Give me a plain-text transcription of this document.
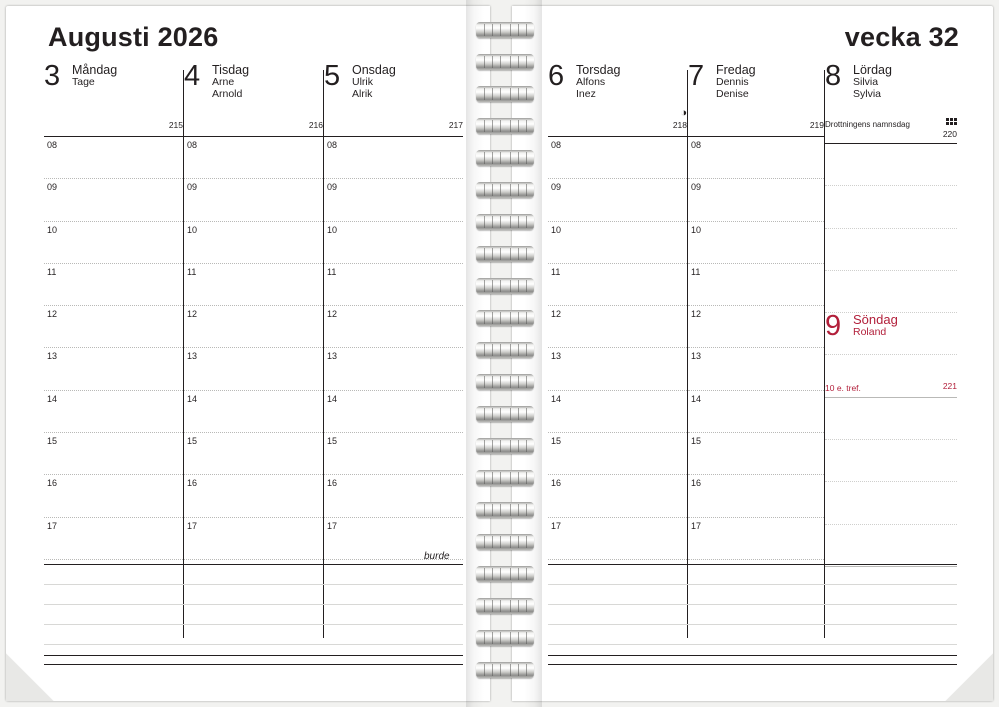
Augusti 2026	vecka 32
3 Måndag
Tage
215
08
09
10
11
12
13
14
15
16
17
4 Tisdag
Arne
Arnold
216
08
09
10
11
12
13
14
15
16
17
5 Onsdag
Ulrik
Alrik
217
08
09
10
11
12
13
14
15
16
17
6 Torsdag
Alfons
Inez
◑
218
08
09
10
11
12
13
14
15
16
17
7 Fredag
Dennis
Denise
219
08
09
10
11
12
13
14
15
16
17
8 Lördag
Silvia
Sylvia
Drottningens namnsdag
220
9 Söndag
Roland
10 e. tref.	221
burde
